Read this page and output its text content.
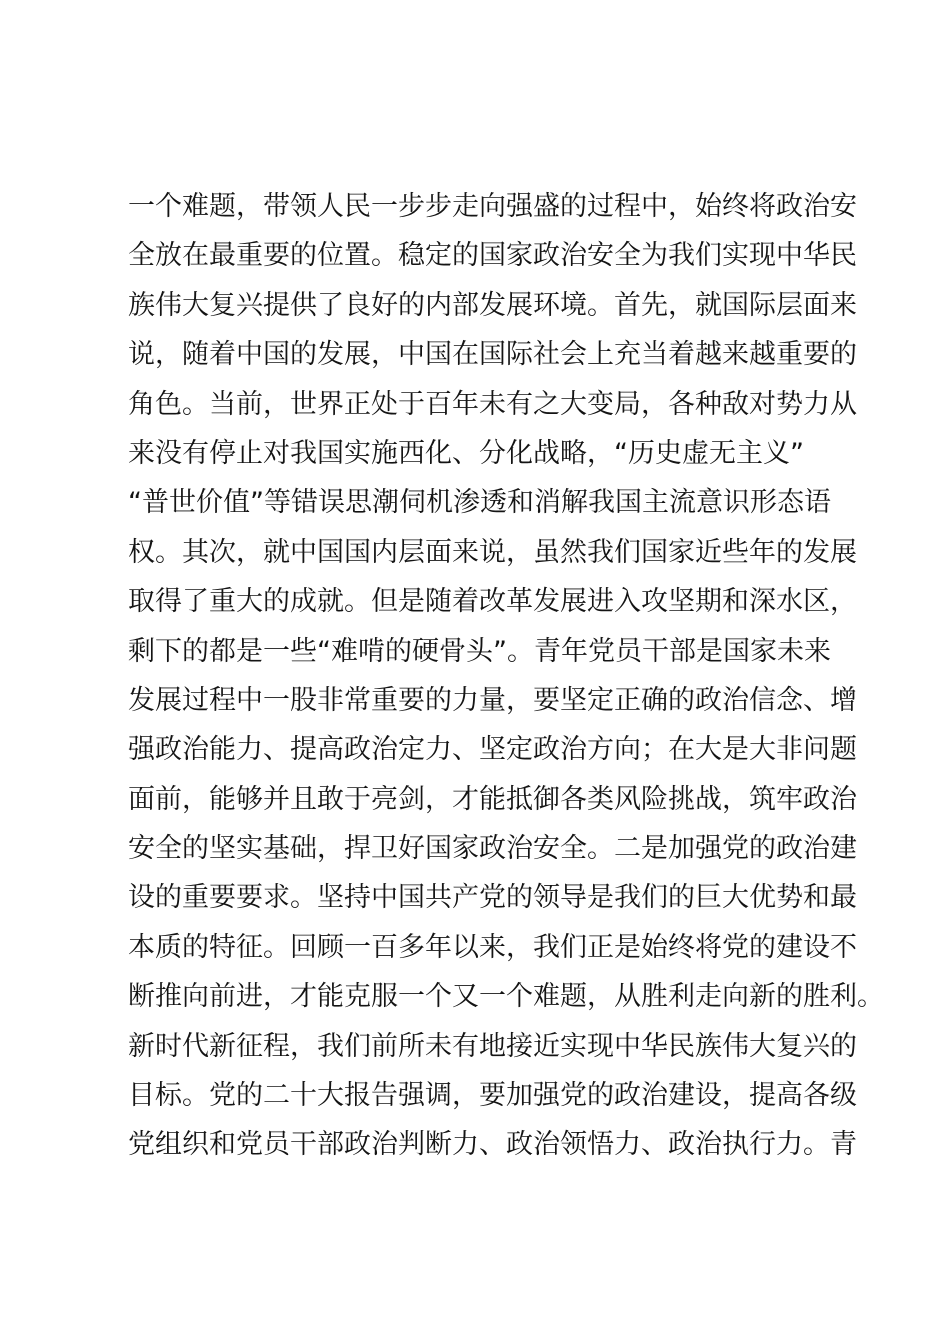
一个难题，带领人民一步步走向强盛的过程中，始终将政治安
全放在最重要的位置。稳定的国家政治安全为我们实现中华民
族伟大复兴提供了良好的内部发展环境。首先，就国际层面来
说，随着中国的发展，中国在国际社会上充当着越来越重要的
角色。当前，世界正处于百年未有之大变局，各种敌对势力从
来没有停止对我国实施西化、分化战略，“历史虚无主义”
“普世价值”等错误思潮伺机渗透和消解我国主流意识形态语
权。其次，就中国国内层面来说，虽然我们国家近些年的发展
取得了重大的成就。但是随着改革发展进入攻坚期和深水区，
剩下的都是一些“难啃的硬骨头”。青年党员干部是国家未来
发展过程中一股非常重要的力量，要坚定正确的政治信念、增
强政治能力、提高政治定力、坚定政治方向；在大是大非问题
面前，能够并且敢于亮剑，才能抵御各类风险挑战，筑牢政治
安全的坚实基础，捍卫好国家政治安全。二是加强党的政治建
设的重要要求。坚持中国共产党的领导是我们的巨大优势和最
本质的特征。回顾一百多年以来，我们正是始终将党的建设不
断推向前进，才能克服一个又一个难题，从胜利走向新的胜利。
新时代新征程，我们前所未有地接近实现中华民族伟大复兴的
目标。党的二十大报告强调，要加强党的政治建设，提高各级
党组织和党员干部政治判断力、政治领悟力、政治执行力。青
